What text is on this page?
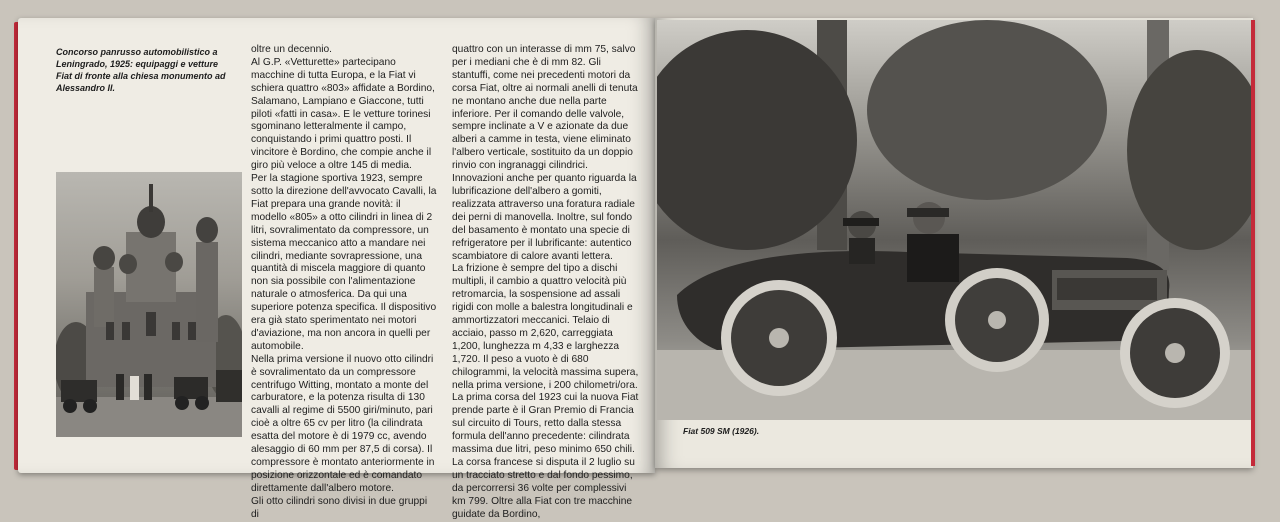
Concorso panrusso automobilistico a Leningrado, 1925: equipaggi e vetture Fiat di fronte alla chiesa monumento ad Alessandro II.

oltre un decennio.

Al G.P. «Vetturette» partecipano macchine di tutta Europa, e la Fiat vi schiera quattro «803» affidate a Bordino, Salamano, Lampiano e Giaccone, tutti piloti «fatti in casa». E le vetture torinesi sgominano letteralmente il campo, conquistando i primi quattro posti. Il vincitore è Bordino, che compie anche il giro più veloce a oltre 145 di media.

Per la stagione sportiva 1923, sempre sotto la direzione dell'avvocato Cavalli, la Fiat prepara una grande novità: il modello «805» a otto cilindri in linea di 2 litri, sovralimentato da compressore, un sistema meccanico atto a mandare nei cilindri, mediante sovrapressione, una quantità di miscela maggiore di quanto non sia possibile con l'alimentazione naturale o atmosferica. Da qui una superiore potenza specifica. Il dispositivo era già stato sperimentato nei motori d'aviazione, ma non ancora in quelli per automobile.

Nella prima versione il nuovo otto cilindri è sovralimentato da un compressore centrifugo Witting, montato a monte del carburatore, e la potenza risulta di 130 cavalli al regime di 5500 giri/minuto, pari cioè a oltre 65 cv per litro (la cilindrata esatta del motore è di 1979 cc, avendo alesaggio di 60 mm per 87,5 di corsa). Il compressore è montato anteriormente in posizione orizzontale ed è comandato direttamente dall'albero motore.

Gli otto cilindri sono divisi in due gruppi di

quattro con un interasse di mm 75, salvo per i mediani che è di mm 82. Gli stantuffi, come nei precedenti motori da corsa Fiat, oltre ai normali anelli di tenuta ne montano anche due nella parte inferiore. Per il comando delle valvole, sempre inclinate a V e azionate da due alberi a camme in testa, viene eliminato l'albero verticale, sostituito da un doppio rinvio con ingranaggi cilindrici. Innovazioni anche per quanto riguarda la lubrificazione dell'albero a gomiti, realizzata attraverso una foratura radiale dei perni di manovella. Inoltre, sul fondo del basamento è montato una specie di refrigeratore per il lubrificante: autentico scambiatore di calore avanti lettera.

La frizione è sempre del tipo a dischi multipli, il cambio a quattro velocità più retromarcia, la sospensione ad assali rigidi con molle a balestra longitudinali e ammortizzatori meccanici. Telaio di acciaio, passo m 2,620, carreggiata 1,200, lunghezza m 4,33 e larghezza 1,720. Il peso a vuoto è di 680 chilogrammi, la velocità massima supera, nella prima versione, i 200 chilometri/ora.

La prima corsa del 1923 cui la nuova Fiat prende parte è il Gran Premio di Francia sul circuito di Tours, retto dalla stessa formula dell'anno precedente: cilindrata massima due litri, peso minimo 650 chili. La corsa francese si disputa il 2 luglio su un tracciato stretto e dal fondo pessimo, da percorrersi 36 volte per complessivi km 799. Oltre alla Fiat con tre macchine guidate da Bordino,

Fiat 509 SM (1926).
